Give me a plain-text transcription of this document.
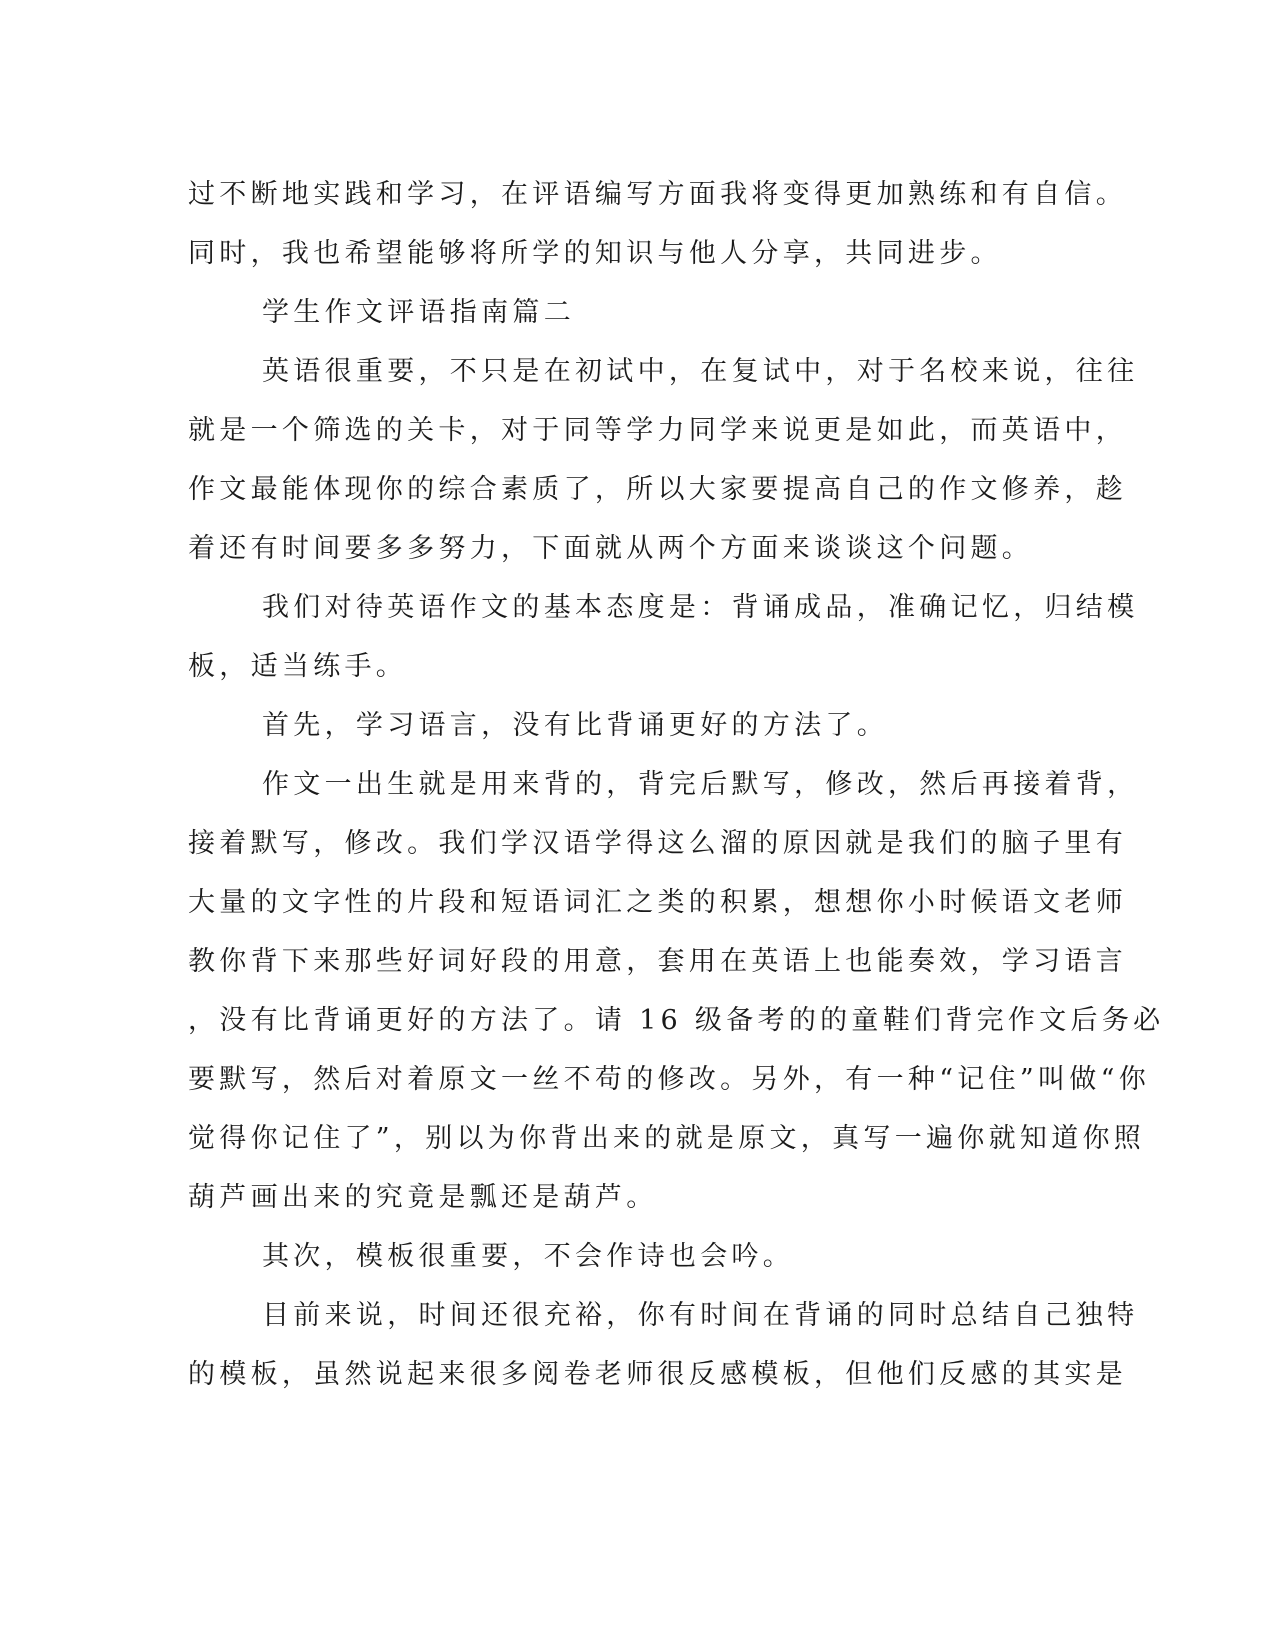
过不断地实践和学习，在评语编写方面我将变得更加熟练和有自信。
同时，我也希望能够将所学的知识与他人分享，共同进步。
学生作文评语指南篇二
英语很重要，不只是在初试中，在复试中，对于名校来说，往往
就是一个筛选的关卡，对于同等学力同学来说更是如此，而英语中，
作文最能体现你的综合素质了，所以大家要提高自己的作文修养，趁
着还有时间要多多努力，下面就从两个方面来谈谈这个问题。
我们对待英语作文的基本态度是：背诵成品，准确记忆，归结模
板，适当练手。
首先，学习语言，没有比背诵更好的方法了。
作文一出生就是用来背的，背完后默写，修改，然后再接着背，
接着默写，修改。我们学汉语学得这么溜的原因就是我们的脑子里有
大量的文字性的片段和短语词汇之类的积累，想想你小时候语文老师
教你背下来那些好词好段的用意，套用在英语上也能奏效，学习语言
，没有比背诵更好的方法了。请 16 级备考的的童鞋们背完作文后务必
要默写，然后对着原文一丝不苟的修改。另外，有一种“记住”叫做“你
觉得你记住了”，别以为你背出来的就是原文，真写一遍你就知道你照
葫芦画出来的究竟是瓢还是葫芦。
其次，模板很重要，不会作诗也会吟。
目前来说，时间还很充裕，你有时间在背诵的同时总结自己独特
的模板，虽然说起来很多阅卷老师很反感模板，但他们反感的其实是
